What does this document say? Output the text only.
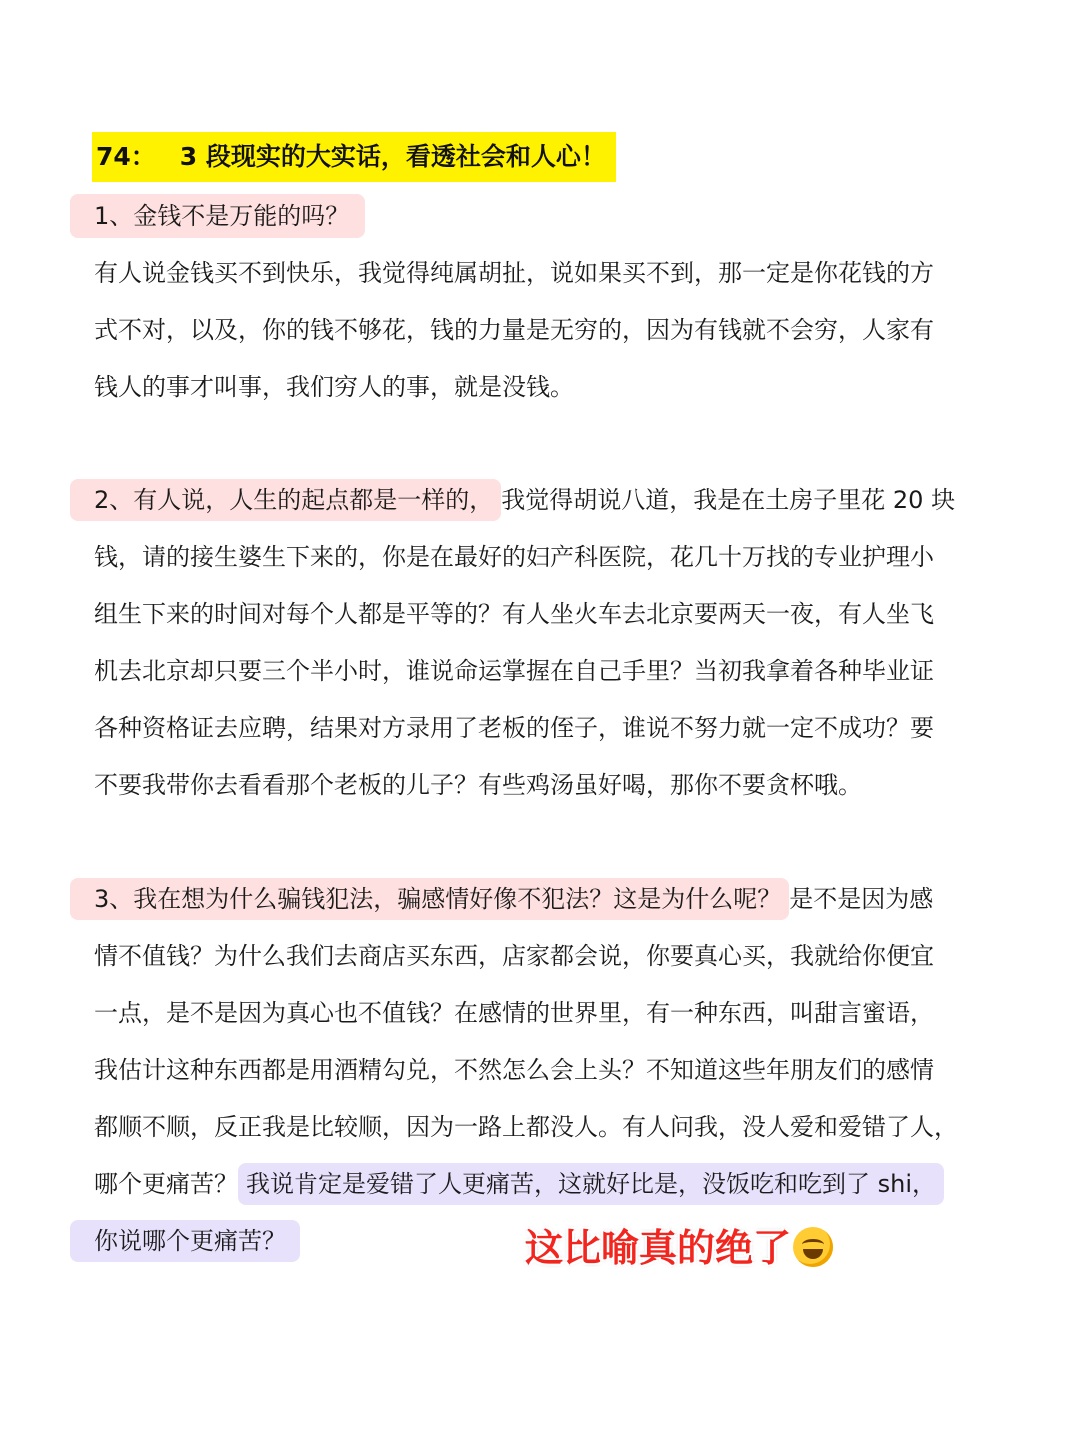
74： 3 段现实的大实话，看透社会和人心！
1、金钱不是万能的吗？

有人说金钱买不到快乐，我觉得纯属胡扯，说如果买不到，那一定是你花钱的方
式不对，以及，你的钱不够花，钱的力量是无穷的，因为有钱就不会穷，人家有
钱人的事才叫事，我们穷人的事，就是没钱。

2、有人说，人生的起点都是一样的， 我觉得胡说八道，我是在土房子里花 20 块
钱，请的接生婆生下来的，你是在最好的妇产科医院，花几十万找的专业护理小
组生下来的时间对每个人都是平等的？有人坐火车去北京要两天一夜，有人坐飞
机去北京却只要三个半小时，谁说命运掌握在自己手里？当初我拿着各种毕业证
各种资格证去应聘，结果对方录用了老板的侄子，谁说不努力就一定不成功？要
不要我带你去看看那个老板的儿子？有些鸡汤虽好喝，那你不要贪杯哦。

3、我在想为什么骗钱犯法，骗感情好像不犯法？这是为什么呢？ 是不是因为感
情不值钱？为什么我们去商店买东西，店家都会说，你要真心买，我就给你便宜
一点，是不是因为真心也不值钱？在感情的世界里，有一种东西，叫甜言蜜语，
我估计这种东西都是用酒精勾兑，不然怎么会上头？不知道这些年朋友们的感情
都顺不顺，反正我是比较顺，因为一路上都没人。有人问我，没人爱和爱错了人，
哪个更痛苦？ 我说肯定是爱错了人更痛苦，这就好比是，没饭吃和吃到了 shi，
你说哪个更痛苦？	这比喻真的绝了
